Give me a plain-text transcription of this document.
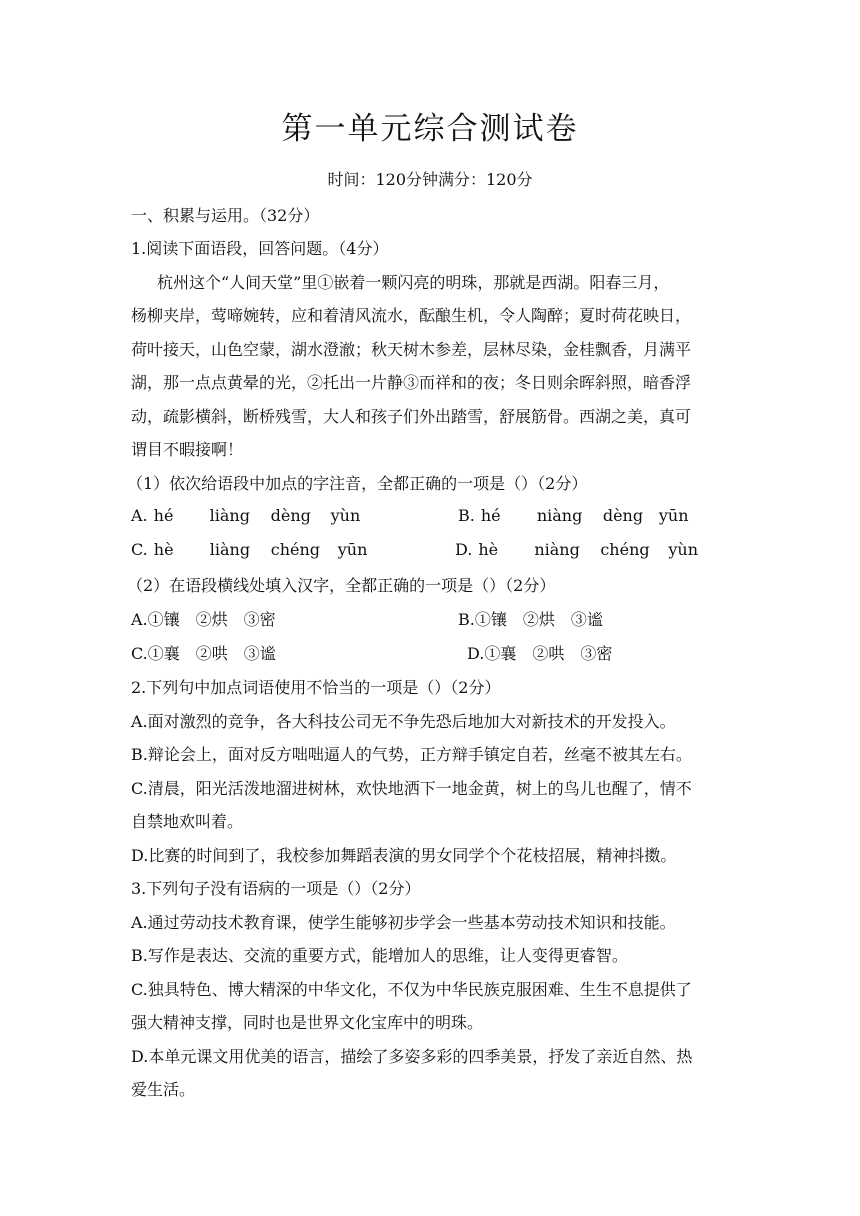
第一单元综合测试卷
时间：120分钟满分：120分
一、积累与运用。（32分）
1.阅读下面语段，回答问题。（4分）
杭州这个“人间天堂”里①嵌着一颗闪亮的明珠，那就是西湖。阳春三月，
杨柳夹岸，莺啼婉转，应和着清风流水，酝酿生机，令人陶醉；夏时荷花映日，
荷叶接天，山色空蒙，湖水澄澈；秋天树木参差，层林尽染，金桂飘香，月满平
湖，那一点点黄晕的光，②托出一片静③而祥和的夜；冬日则余晖斜照，暗香浮
动，疏影横斜，断桥残雪，大人和孩子们外出踏雪，舒展筋骨。西湖之美，真可
谓目不暇接啊！
（1）依次给语段中加点的字注音，全都正确的一项是（）（2分）
A. hé liàng dèng yùn	B. hé niàng dèng yūn
C. hè liàng chéng yūn	D. hè niàng chéng yùn
（2）在语段横线处填入汉字，全都正确的一项是（）（2分）
A.①镶 ②烘 ③密	B.①镶 ②烘 ③谧
C.①襄 ②哄 ③谧	D.①襄 ②哄 ③密
2.下列句中加点词语使用不恰当的一项是（）（2分）
A.面对激烈的竞争，各大科技公司无不争先恐后地加大对新技术的开发投入。
B.辩论会上，面对反方咄咄逼人的气势，正方辩手镇定自若，丝毫不被其左右。
C.清晨，阳光活泼地溜进树林，欢快地洒下一地金黄，树上的鸟儿也醒了，情不
自禁地欢叫着。
D.比赛的时间到了，我校参加舞蹈表演的男女同学个个花枝招展，精神抖擞。
3.下列句子没有语病的一项是（）（2分）
A.通过劳动技术教育课，使学生能够初步学会一些基本劳动技术知识和技能。
B.写作是表达、交流的重要方式，能增加人的思维，让人变得更睿智。
C.独具特色、博大精深的中华文化，不仅为中华民族克服困难、生生不息提供了
强大精神支撑，同时也是世界文化宝库中的明珠。
D.本单元课文用优美的语言，描绘了多姿多彩的四季美景，抒发了亲近自然、热
爱生活。
